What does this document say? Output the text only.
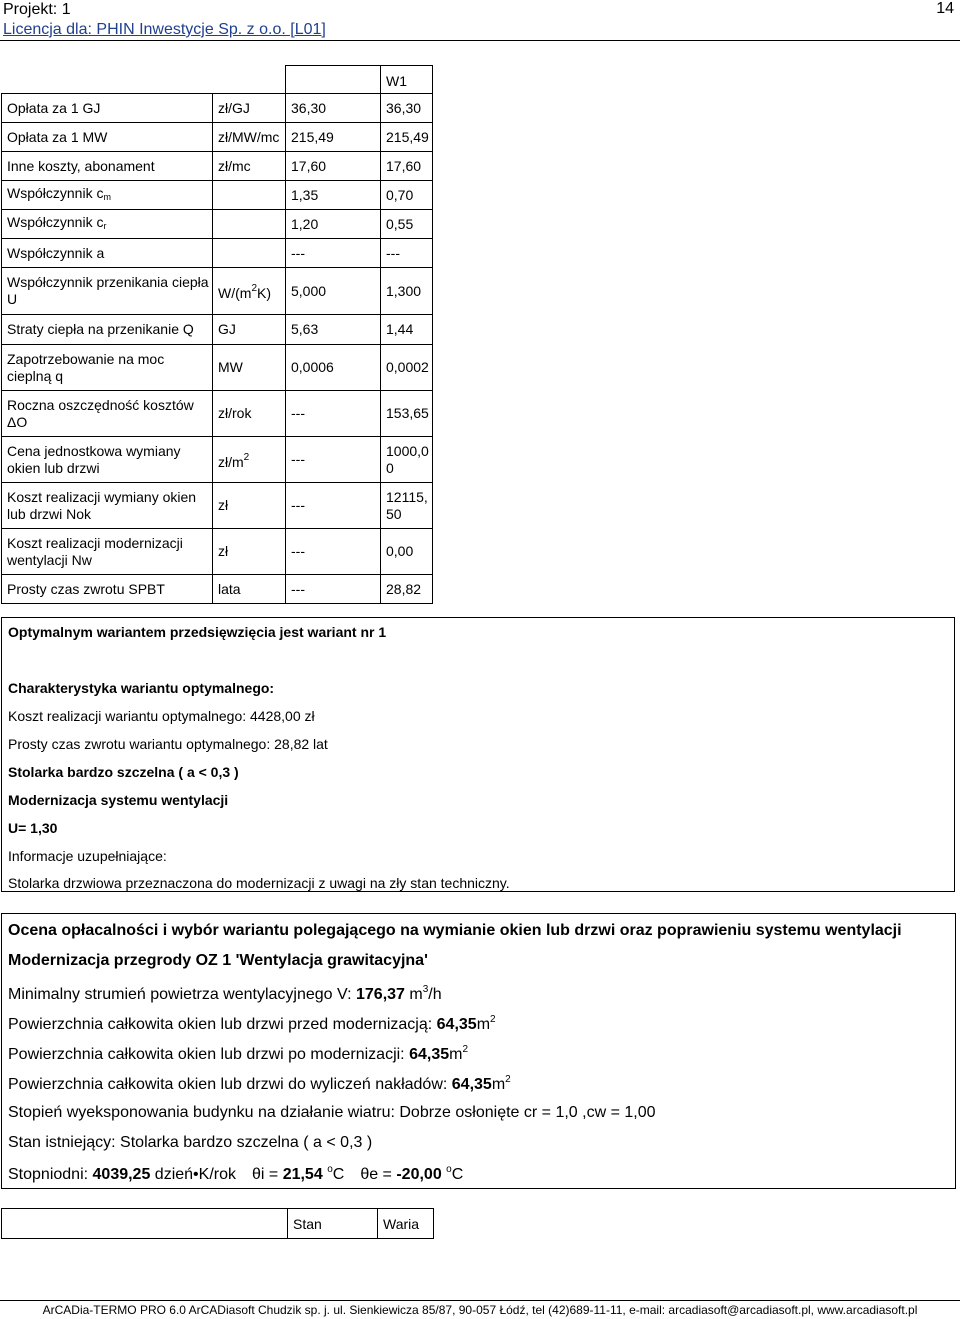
Projekt: 1
Licencja dla: PHIN Inwestycje Sp. z o.o. [L01]
14
			W1
Opłata za 1 GJ	zł/GJ	36,30	36,30
Opłata za 1 MW	zł/MW/mc	215,49	215,49
Inne koszty, abonament	zł/mc	17,60	17,60
Współczynnik $c_m$		1,35	0,70
Współczynnik $c_r$		1,20	0,55
Współczynnik a		---	---
Współczynnik przenikania ciepła U	$W/(m^2K)$	5,000	1,300
Straty ciepła na przenikanie Q	GJ	5,63	1,44
Zapotrzebowanie na moc cieplną q	MW	0,0006	0,0002
Roczna oszczędność kosztów ΔO	zł/rok	---	153,65
Cena jednostkowa wymiany okien lub drzwi	$zł/m^2$	---	1000,00
Koszt realizacji wymiany okien lub drzwi Nok	zł	---	12115,50
Koszt realizacji modernizacji wentylacji Nw	zł	---	0,00
Prosty czas zwrotu SPBT	lata	---	28,82
Optymalnym wariantem przedsięwzięcia jest wariant nr 1
Charakterystyka wariantu optymalnego:
Koszt realizacji wariantu optymalnego: 4428,00 zł
Prosty czas zwrotu wariantu optymalnego: 28,82 lat
Stolarka bardzo szczelna ( a < 0,3 )
Modernizacja systemu wentylacji
U= 1,30
Informacje uzupełniające:
Stolarka drzwiowa przeznaczona do modernizacji z uwagi na zły stan techniczny.
Ocena opłacalności i wybór wariantu polegającego na wymianie okien lub drzwi oraz poprawieniu systemu wentylacji
Modernizacja przegrody OZ 1 'Wentylacja grawitacyjna'
Minimalny strumień powietrza wentylacyjnego V: 176,37 $m^3/h$
Powierzchnia całkowita okien lub drzwi przed modernizacją: $64,35m^2$
Powierzchnia całkowita okien lub drzwi po modernizacji: $64,35m^2$
Powierzchnia całkowita okien lub drzwi do wyliczeń nakładów: $64,35m^2$
Stopień wyeksponowania budynku na działanie wiatru: Dobrze osłonięte cr = 1,0 ,cw = 1,00
Stan istniejący: Stolarka bardzo szczelna ( a < 0,3 )
Stopniodni: 4039,25 dzień•K/rok θi = 21,54 $^o$C θe = -20,00 $^o$C
	Stan	Waria
ArCADia-TERMO PRO 6.0 ArCADiasoft Chudzik sp. j. ul. Sienkiewicza 85/87, 90-057 Łódź, tel (42)689-11-11, e-mail: arcadiasoft@arcadiasoft.pl, www.arcadiasoft.pl
